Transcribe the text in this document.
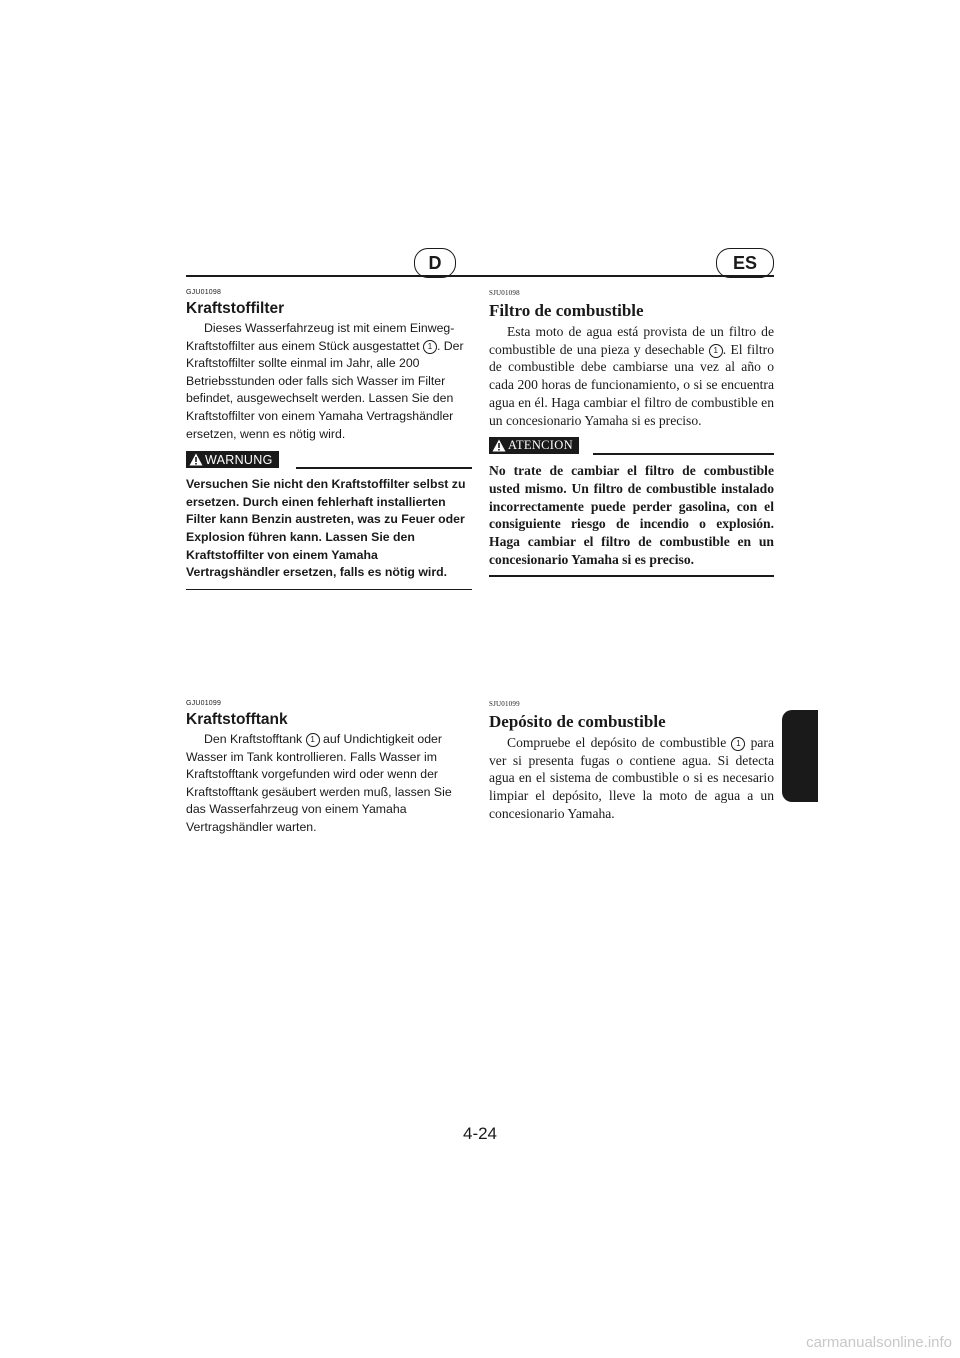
D	ES
GJU01098
Kraftstoffilter

Dieses Wasserfahrzeug ist mit einem Einweg-Kraftstoffilter aus einem Stück ausgestattet 1 . Der Kraftstoffilter sollte einmal im Jahr, alle 200 Betriebsstunden oder falls sich Wasser im Filter befindet, ausgewechselt werden. Lassen Sie den Kraftstoffilter von einem Yamaha Vertragshändler ersetzen, wenn es nötig wird.

WARNUNG

Versuchen Sie nicht den Kraftstoffilter selbst zu ersetzen. Durch einen fehlerhaft installierten Filter kann Benzin austreten, was zu Feuer oder Explosion führen kann. Lassen Sie den Kraftstoffilter von einem Yamaha Vertragshändler ersetzen, falls es nötig wird.

SJU01098
Filtro de combustible

Esta moto de agua está provista de un filtro de combustible de una pieza y desechable 1 . El filtro de combustible debe cambiarse una vez al año o cada 200 horas de funcionamiento, o si se encuentra agua en él. Haga cambiar el filtro de combustible en un concesionario Yamaha si es preciso.

ATENCION

No trate de cambiar el filtro de combustible usted mismo. Un filtro de combustible instalado incorrectamente puede perder gasolina, con el consiguiente riesgo de incendio o explosión. Haga cambiar el filtro de combustible en un concesionario Yamaha si es preciso.

GJU01099
Kraftstofftank

Den Kraftstofftank 1 auf Undichtigkeit oder Wasser im Tank kontrollieren. Falls Wasser im Kraftstofftank vorgefunden wird oder wenn der Kraftstofftank gesäubert werden muß, lassen Sie das Wasserfahrzeug von einem Yamaha Vertragshändler warten.

SJU01099
Depósito de combustible

Compruebe el depósito de combustible 1 para ver si presenta fugas o contiene agua. Si detecta agua en el sistema de combustible o si es necesario limpiar el depósito, lleve la moto de agua a un concesionario Yamaha.

4-24
carmanualsonline.info
